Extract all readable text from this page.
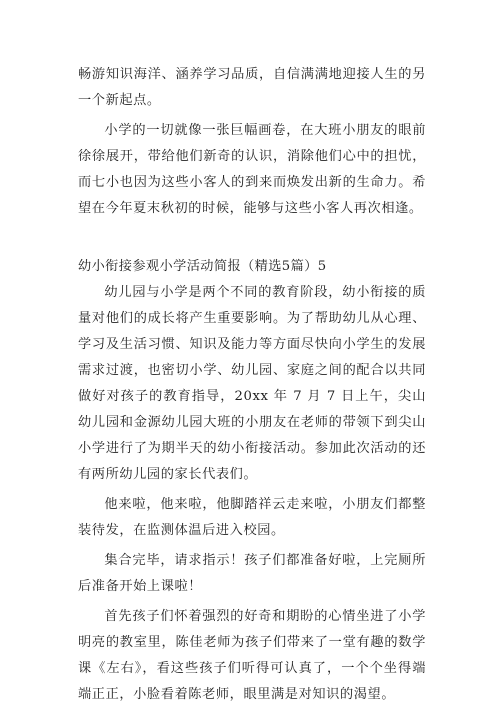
畅游知识海洋、涵养学习品质，自信满满地迎接人生的另一个新起点。

小学的一切就像一张巨幅画卷，在大班小朋友的眼前徐徐展开，带给他们新奇的认识，消除他们心中的担忧，而七小也因为这些小客人的到来而焕发出新的生命力。希望在今年夏末秋初的时候，能够与这些小客人再次相逢。

幼小衔接参观小学活动简报（精选5篇）5

幼儿园与小学是两个不同的教育阶段，幼小衔接的质量对他们的成长将产生重要影响。为了帮助幼儿从心理、学习及生活习惯、知识及能力等方面尽快向小学生的发展需求过渡，也密切小学、幼儿园、家庭之间的配合以共同做好对孩子的教育指导，20xx 年 7 月 7 日上午，尖山幼儿园和金源幼儿园大班的小朋友在老师的带领下到尖山小学进行了为期半天的幼小衔接活动。参加此次活动的还有两所幼儿园的家长代表们。

他来啦，他来啦，他脚踏祥云走来啦，小朋友们都整装待发，在监测体温后进入校园。

集合完毕，请求指示！孩子们都准备好啦，上完厕所后准备开始上课啦！

首先孩子们怀着强烈的好奇和期盼的心情坐进了小学明亮的教室里，陈佳老师为孩子们带来了一堂有趣的数学课《左右》，看这些孩子们听得可认真了，一个个坐得端端正正，小脸看着陈老师，眼里满是对知识的渴望。
